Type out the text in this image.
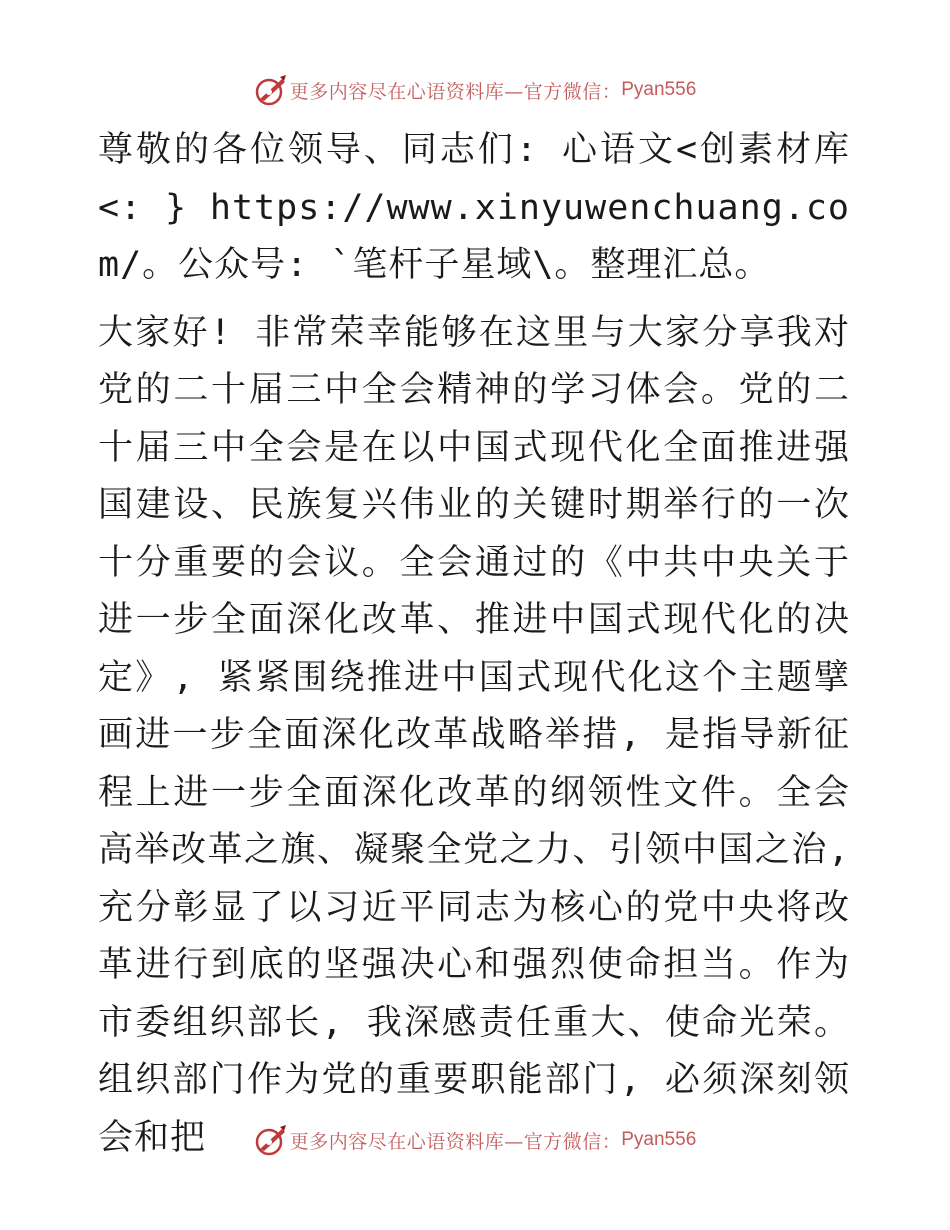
更多内容尽在心语资料库—官方微信： Pyan556

尊敬的各位领导、同志们: 心语文<创素材库<: } https://www.xinyuwenchuang.com/。公众号: `笔杆子星域\。整理汇总。

大家好! 非常荣幸能够在这里与大家分享我对党的二十届三中全会精神的学习体会。党的二十届三中全会是在以中国式现代化全面推进强国建设、民族复兴伟业的关键时期举行的一次十分重要的会议。全会通过的《中共中央关于进一步全面深化改革、推进中国式现代化的决定》, 紧紧围绕推进中国式现代化这个主题擘画进一步全面深化改革战略举措, 是指导新征程上进一步全面深化改革的纲领性文件。全会高举改革之旗、凝聚全党之力、引领中国之治, 充分彰显了以习近平同志为核心的党中央将改革进行到底的坚强决心和强烈使命担当。作为市委组织部长, 我深感责任重大、使命光荣。组织部门作为党的重要职能部门, 必须深刻领会和把	更多内容尽在心语资料库—官方微信： Pyan556
